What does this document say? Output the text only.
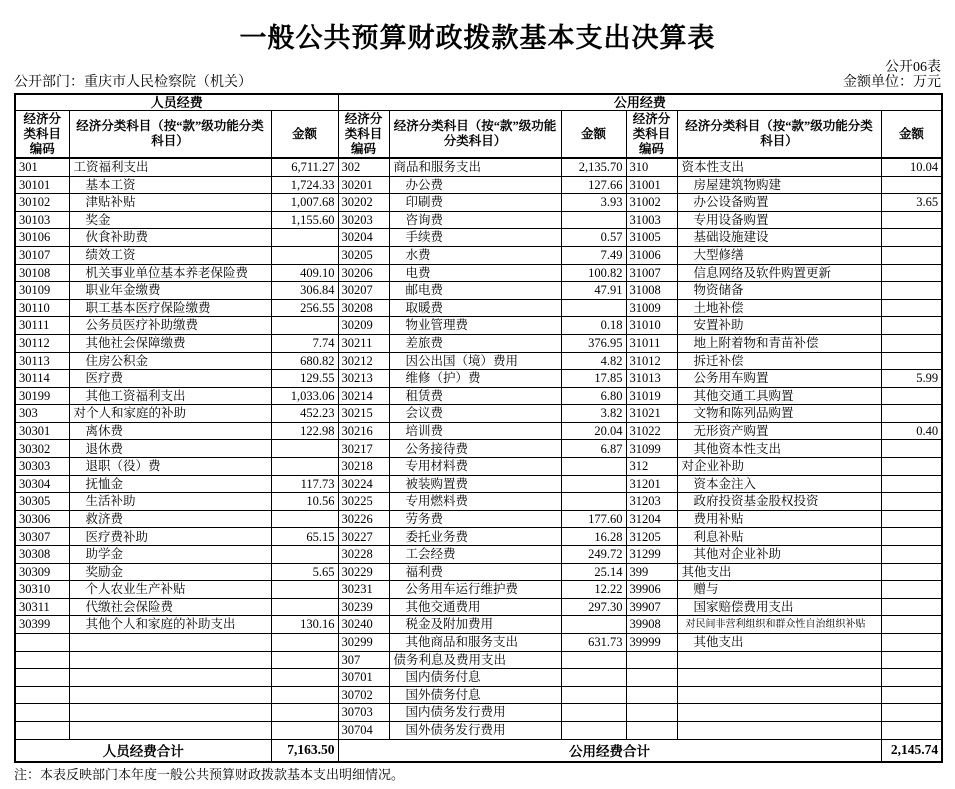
一般公共预算财政拨款基本支出决算表
公开06表
公开部门：重庆市人民检察院（机关）	金额单位：万元
人员经费			公用经费					
经济分类科目编码	经济分类科目（按“款”级功能分类科目）	金额	经济分类科目编码	经济分类科目（按“款”级功能分类科目）	金额	经济分类科目编码	经济分类科目（按“款”级功能分类科目）	金额
301	工资福利支出	6,711.27	302	商品和服务支出	2,135.70	310	资本性支出	10.04
30101	基本工资	1,724.33	30201	办公费	127.66	31001	房屋建筑物购建	
30102	津贴补贴	1,007.68	30202	印刷费	3.93	31002	办公设备购置	3.65
30103	奖金	1,155.60	30203	咨询费		31003	专用设备购置	
30106	伙食补助费		30204	手续费	0.57	31005	基础设施建设	
30107	绩效工资		30205	水费	7.49	31006	大型修缮	
30108	机关事业单位基本养老保险费	409.10	30206	电费	100.82	31007	信息网络及软件购置更新	
30109	职业年金缴费	306.84	30207	邮电费	47.91	31008	物资储备	
30110	职工基本医疗保险缴费	256.55	30208	取暖费		31009	土地补偿	
30111	公务员医疗补助缴费		30209	物业管理费	0.18	31010	安置补助	
30112	其他社会保障缴费	7.74	30211	差旅费	376.95	31011	地上附着物和青苗补偿	
30113	住房公积金	680.82	30212	因公出国（境）费用	4.82	31012	拆迁补偿	
30114	医疗费	129.55	30213	维修（护）费	17.85	31013	公务用车购置	5.99
30199	其他工资福利支出	1,033.06	30214	租赁费	6.80	31019	其他交通工具购置	
303	对个人和家庭的补助	452.23	30215	会议费	3.82	31021	文物和陈列品购置	
30301	离休费	122.98	30216	培训费	20.04	31022	无形资产购置	0.40
30302	退休费		30217	公务接待费	6.87	31099	其他资本性支出	
30303	退职（役）费		30218	专用材料费		312	对企业补助	
30304	抚恤金	117.73	30224	被装购置费		31201	资本金注入	
30305	生活补助	10.56	30225	专用燃料费		31203	政府投资基金股权投资	
30306	救济费		30226	劳务费	177.60	31204	费用补贴	
30307	医疗费补助	65.15	30227	委托业务费	16.28	31205	利息补贴	
30308	助学金		30228	工会经费	249.72	31299	其他对企业补助	
30309	奖励金	5.65	30229	福利费	25.14	399	其他支出	
30310	个人农业生产补贴		30231	公务用车运行维护费	12.22	39906	赠与	
30311	代缴社会保险费		30239	其他交通费用	297.30	39907	国家赔偿费用支出	
30399	其他个人和家庭的补助支出	130.16	30240	税金及附加费用		39908	对民间非营利组织和群众性自治组织补贴	
			30299	其他商品和服务支出	631.73	39999	其他支出	
			307	债务利息及费用支出				
			30701	国内债务付息				
			30702	国外债务付息				
			30703	国内债务发行费用				
			30704	国外债务发行费用				
人员经费合计		7,163.50	公用经费合计					2,145.74
注：本表反映部门本年度一般公共预算财政拨款基本支出明细情况。
